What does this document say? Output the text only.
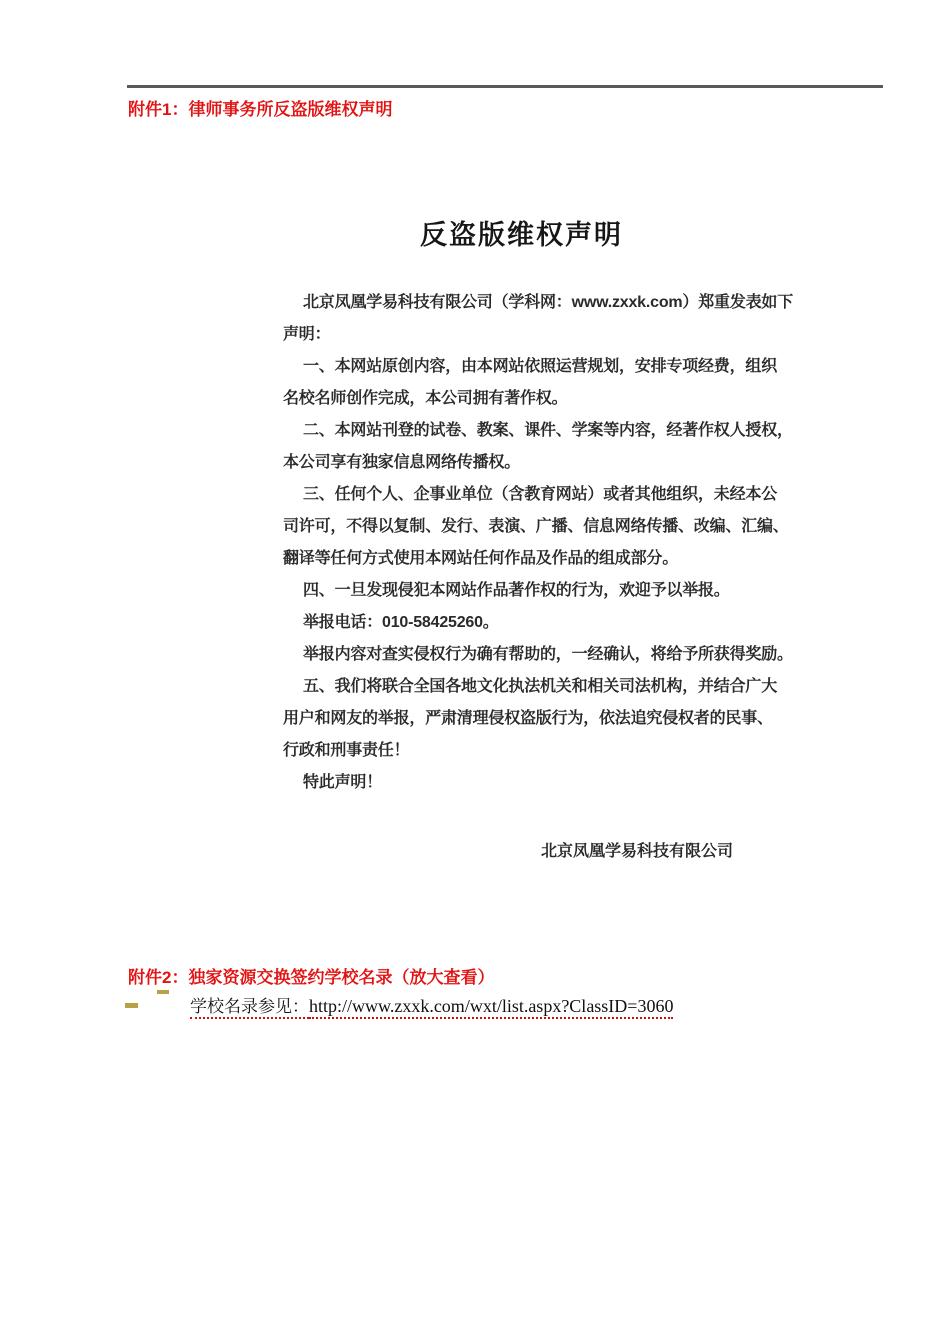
附件1：律师事务所反盗版维权声明
反盗版维权声明
北京凤凰学易科技有限公司（学科网：www.zxxk.com）郑重发表如下
声明：
一、本网站原创内容，由本网站依照运营规划，安排专项经费，组织
名校名师创作完成，本公司拥有著作权。
二、本网站刊登的试卷、教案、课件、学案等内容，经著作权人授权，
本公司享有独家信息网络传播权。
三、任何个人、企事业单位（含教育网站）或者其他组织，未经本公
司许可，不得以复制、发行、表演、广播、信息网络传播、改编、汇编、
翻译等任何方式使用本网站任何作品及作品的组成部分。
四、一旦发现侵犯本网站作品著作权的行为，欢迎予以举报。
举报电话：010-58425260。
举报内容对查实侵权行为确有帮助的，一经确认，将给予所获得奖励。
五、我们将联合全国各地文化执法机关和相关司法机构，并结合广大
用户和网友的举报，严肃清理侵权盗版行为，依法追究侵权者的民事、
行政和刑事责任！
特此声明！
北京凤凰学易科技有限公司
附件2：独家资源交换签约学校名录（放大查看）
学校名录参见：http://www.zxxk.com/wxt/list.aspx?ClassID=3060
